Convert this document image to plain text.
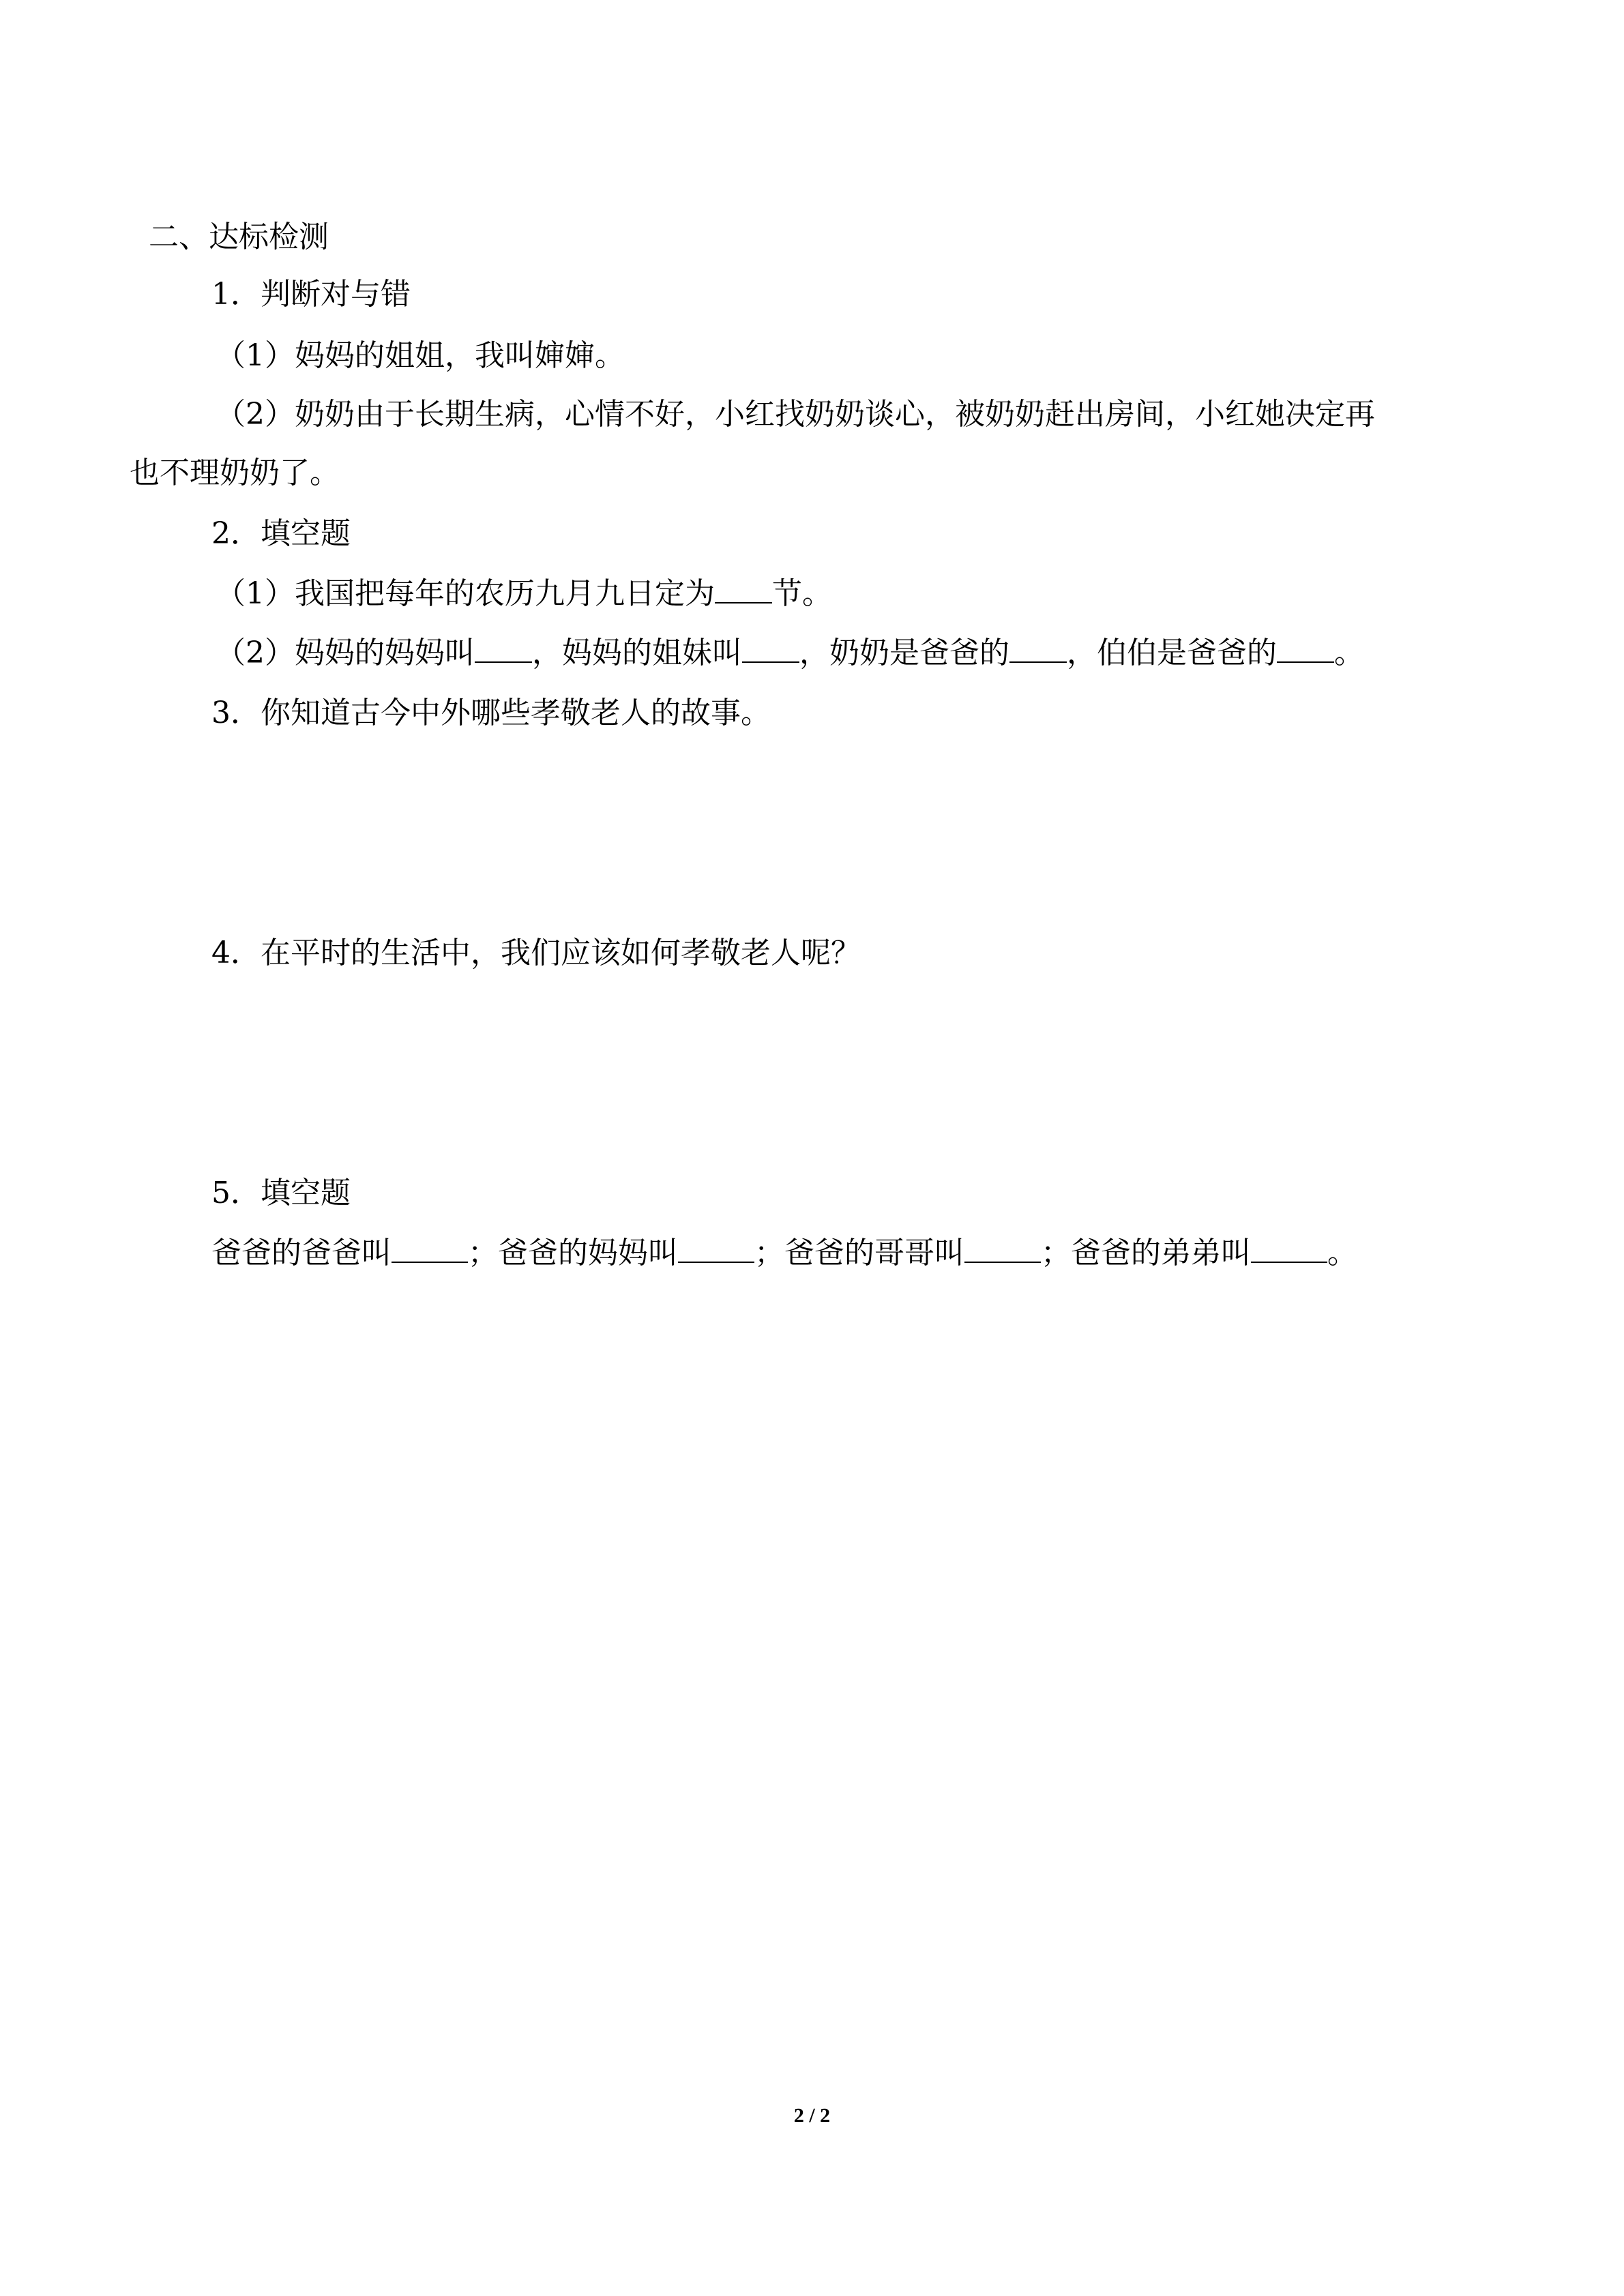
二、达标检测
1．判断对与错
（1）妈妈的姐姐，我叫婶婶。
（2）奶奶由于长期生病，心情不好，小红找奶奶谈心，被奶奶赶出房间，小红她决定再
也不理奶奶了。
2．填空题
（1）我国把每年的农历九月九日定为 节。
（2）妈妈的妈妈叫 ，妈妈的姐妹叫 ，奶奶是爸爸的 ，伯伯是爸爸的 。
3．你知道古今中外哪些孝敬老人的故事。
4．在平时的生活中，我们应该如何孝敬老人呢？
5．填空题
爸爸的爸爸叫	；爸爸的妈妈叫	；爸爸的哥哥叫	；爸爸的弟弟叫	。
2 / 2
